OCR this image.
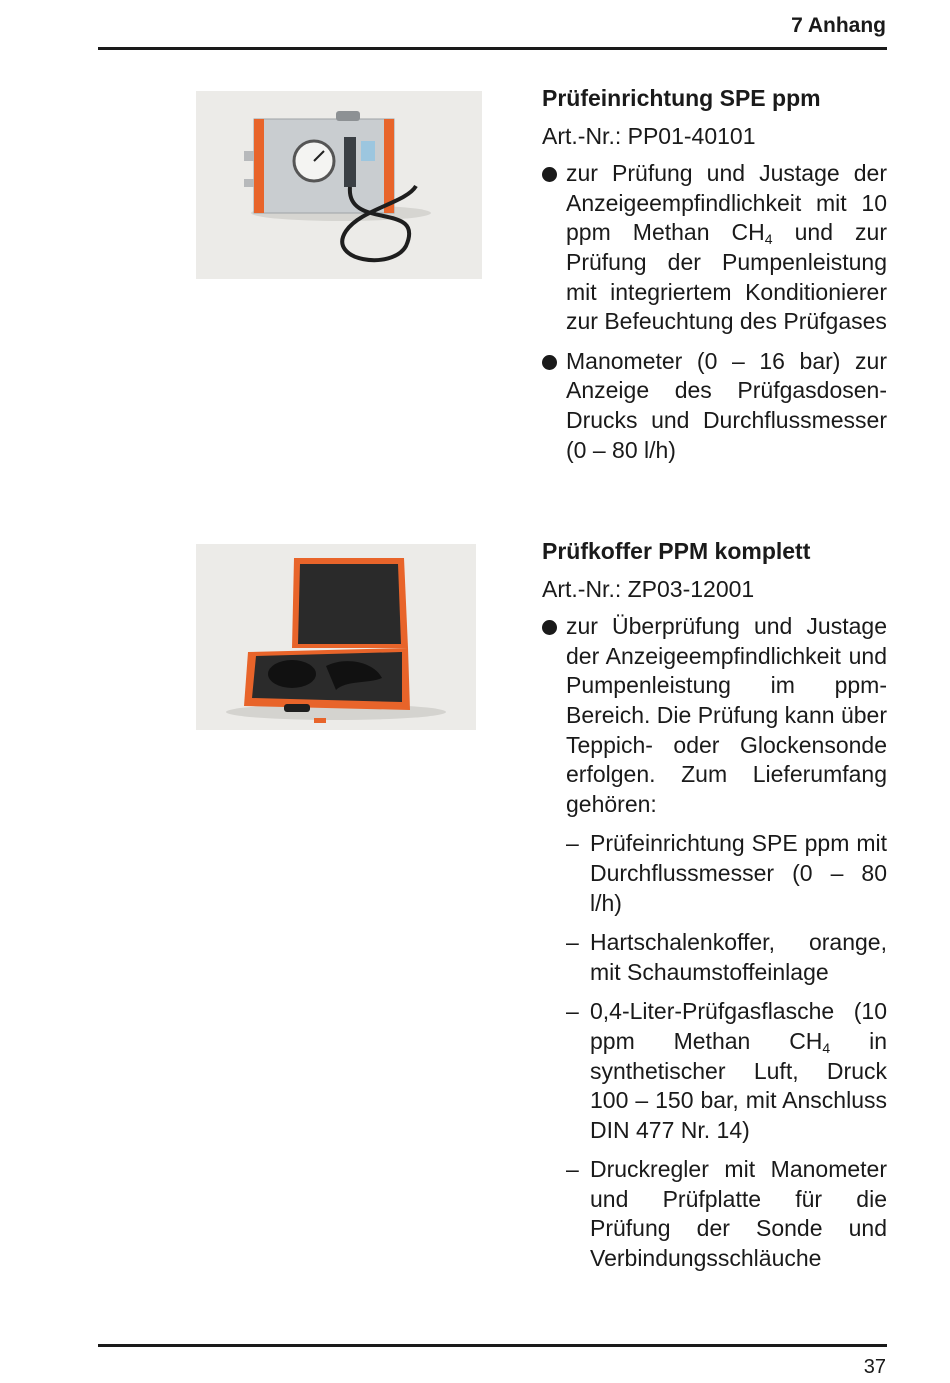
7 Anhang
Prüfeinrichtung SPE ppm
Art.-Nr.: PP01-40101
zur Prüfung und Justage der Anzeigeempfindlichkeit mit 10 ppm Methan $CH_4$ und zur Prüfung der Pumpenleistung mit integriertem Konditionierer zur Befeuchtung des Prüfgases
Manometer (0 – 16 bar) zur Anzeige des Prüfgasdosen-Drucks und Durchflussmesser (0 – 80 l/h)
Prüfkoffer PPM komplett
Art.-Nr.: ZP03-12001
zur Überprüfung und Justage der Anzeigeempfindlichkeit und Pumpenleistung im ppm-Bereich. Die Prüfung kann über Teppich- oder Glockensonde erfolgen. Zum Lieferumfang gehören:
– Prüfeinrichtung SPE ppm mit Durchflussmesser (0 – 80 l/h)
– Hartschalenkoffer, orange, mit Schaumstoffeinlage
– 0,4-Liter-Prüfgasflasche (10 ppm Methan $CH_4$ in synthetischer Luft, Druck 100 – 150 bar, mit Anschluss DIN 477 Nr. 14)
– Druckregler mit Manometer und Prüfplatte für die Prüfung der Sonde und Verbindungsschläuche
37
